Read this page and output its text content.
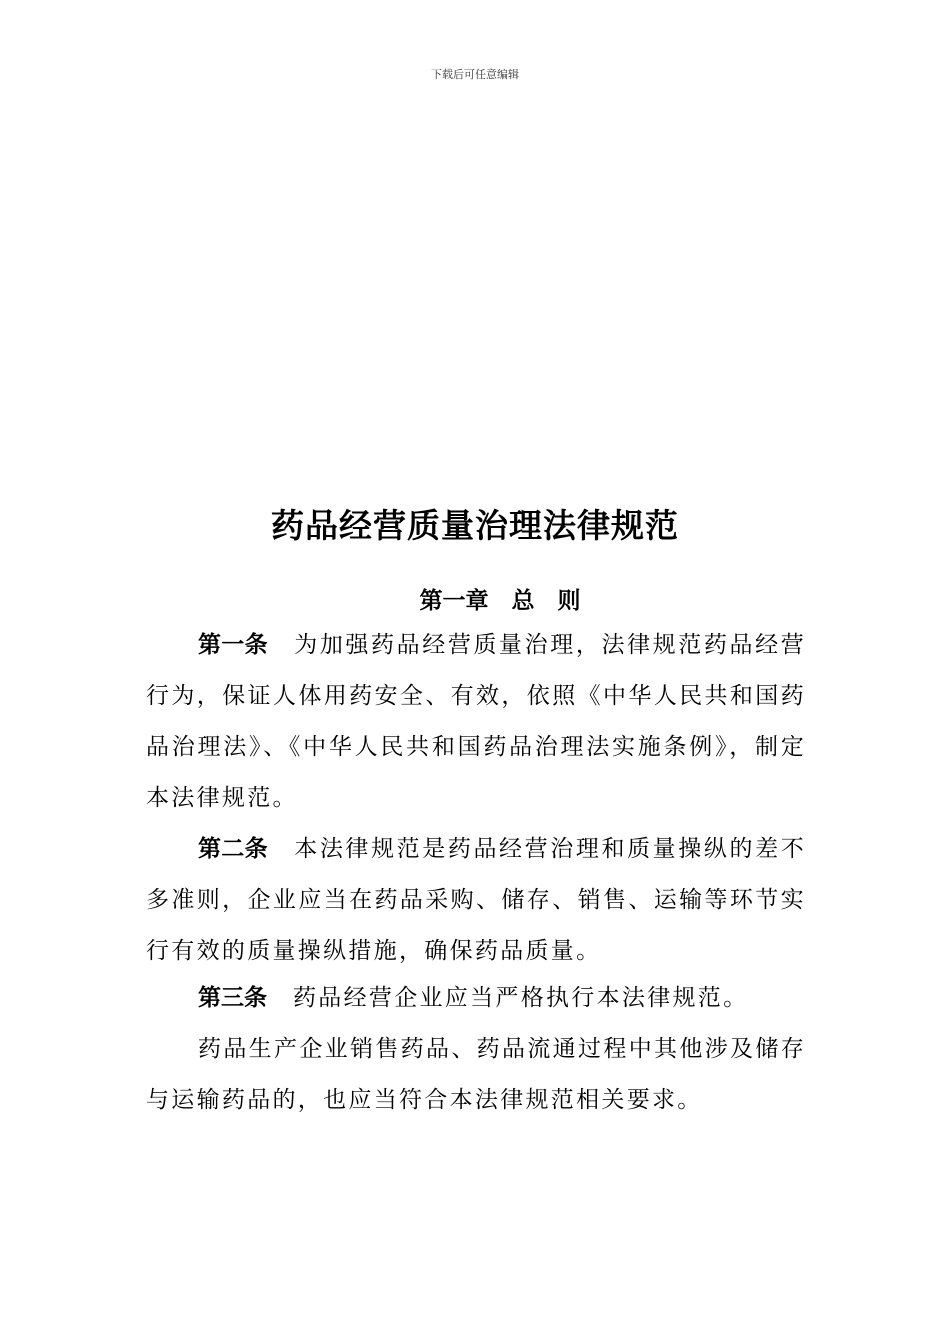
下载后可任意编辑
药品经营质量治理法律规范
第一章　总　则

第一条 为加强药品经营质量治理，法律规范药品经营行为，保证人体用药安全、有效，依照《中华人民共和国药品治理法》、《中华人民共和国药品治理法实施条例》，制定本法律规范。

第二条 本法律规范是药品经营治理和质量操纵的差不多准则，企业应当在药品采购、储存、销售、运输等环节实行有效的质量操纵措施，确保药品质量。

第三条 药品经营企业应当严格执行本法律规范。

药品生产企业销售药品、药品流通过程中其他涉及储存与运输药品的，也应当符合本法律规范相关要求。
